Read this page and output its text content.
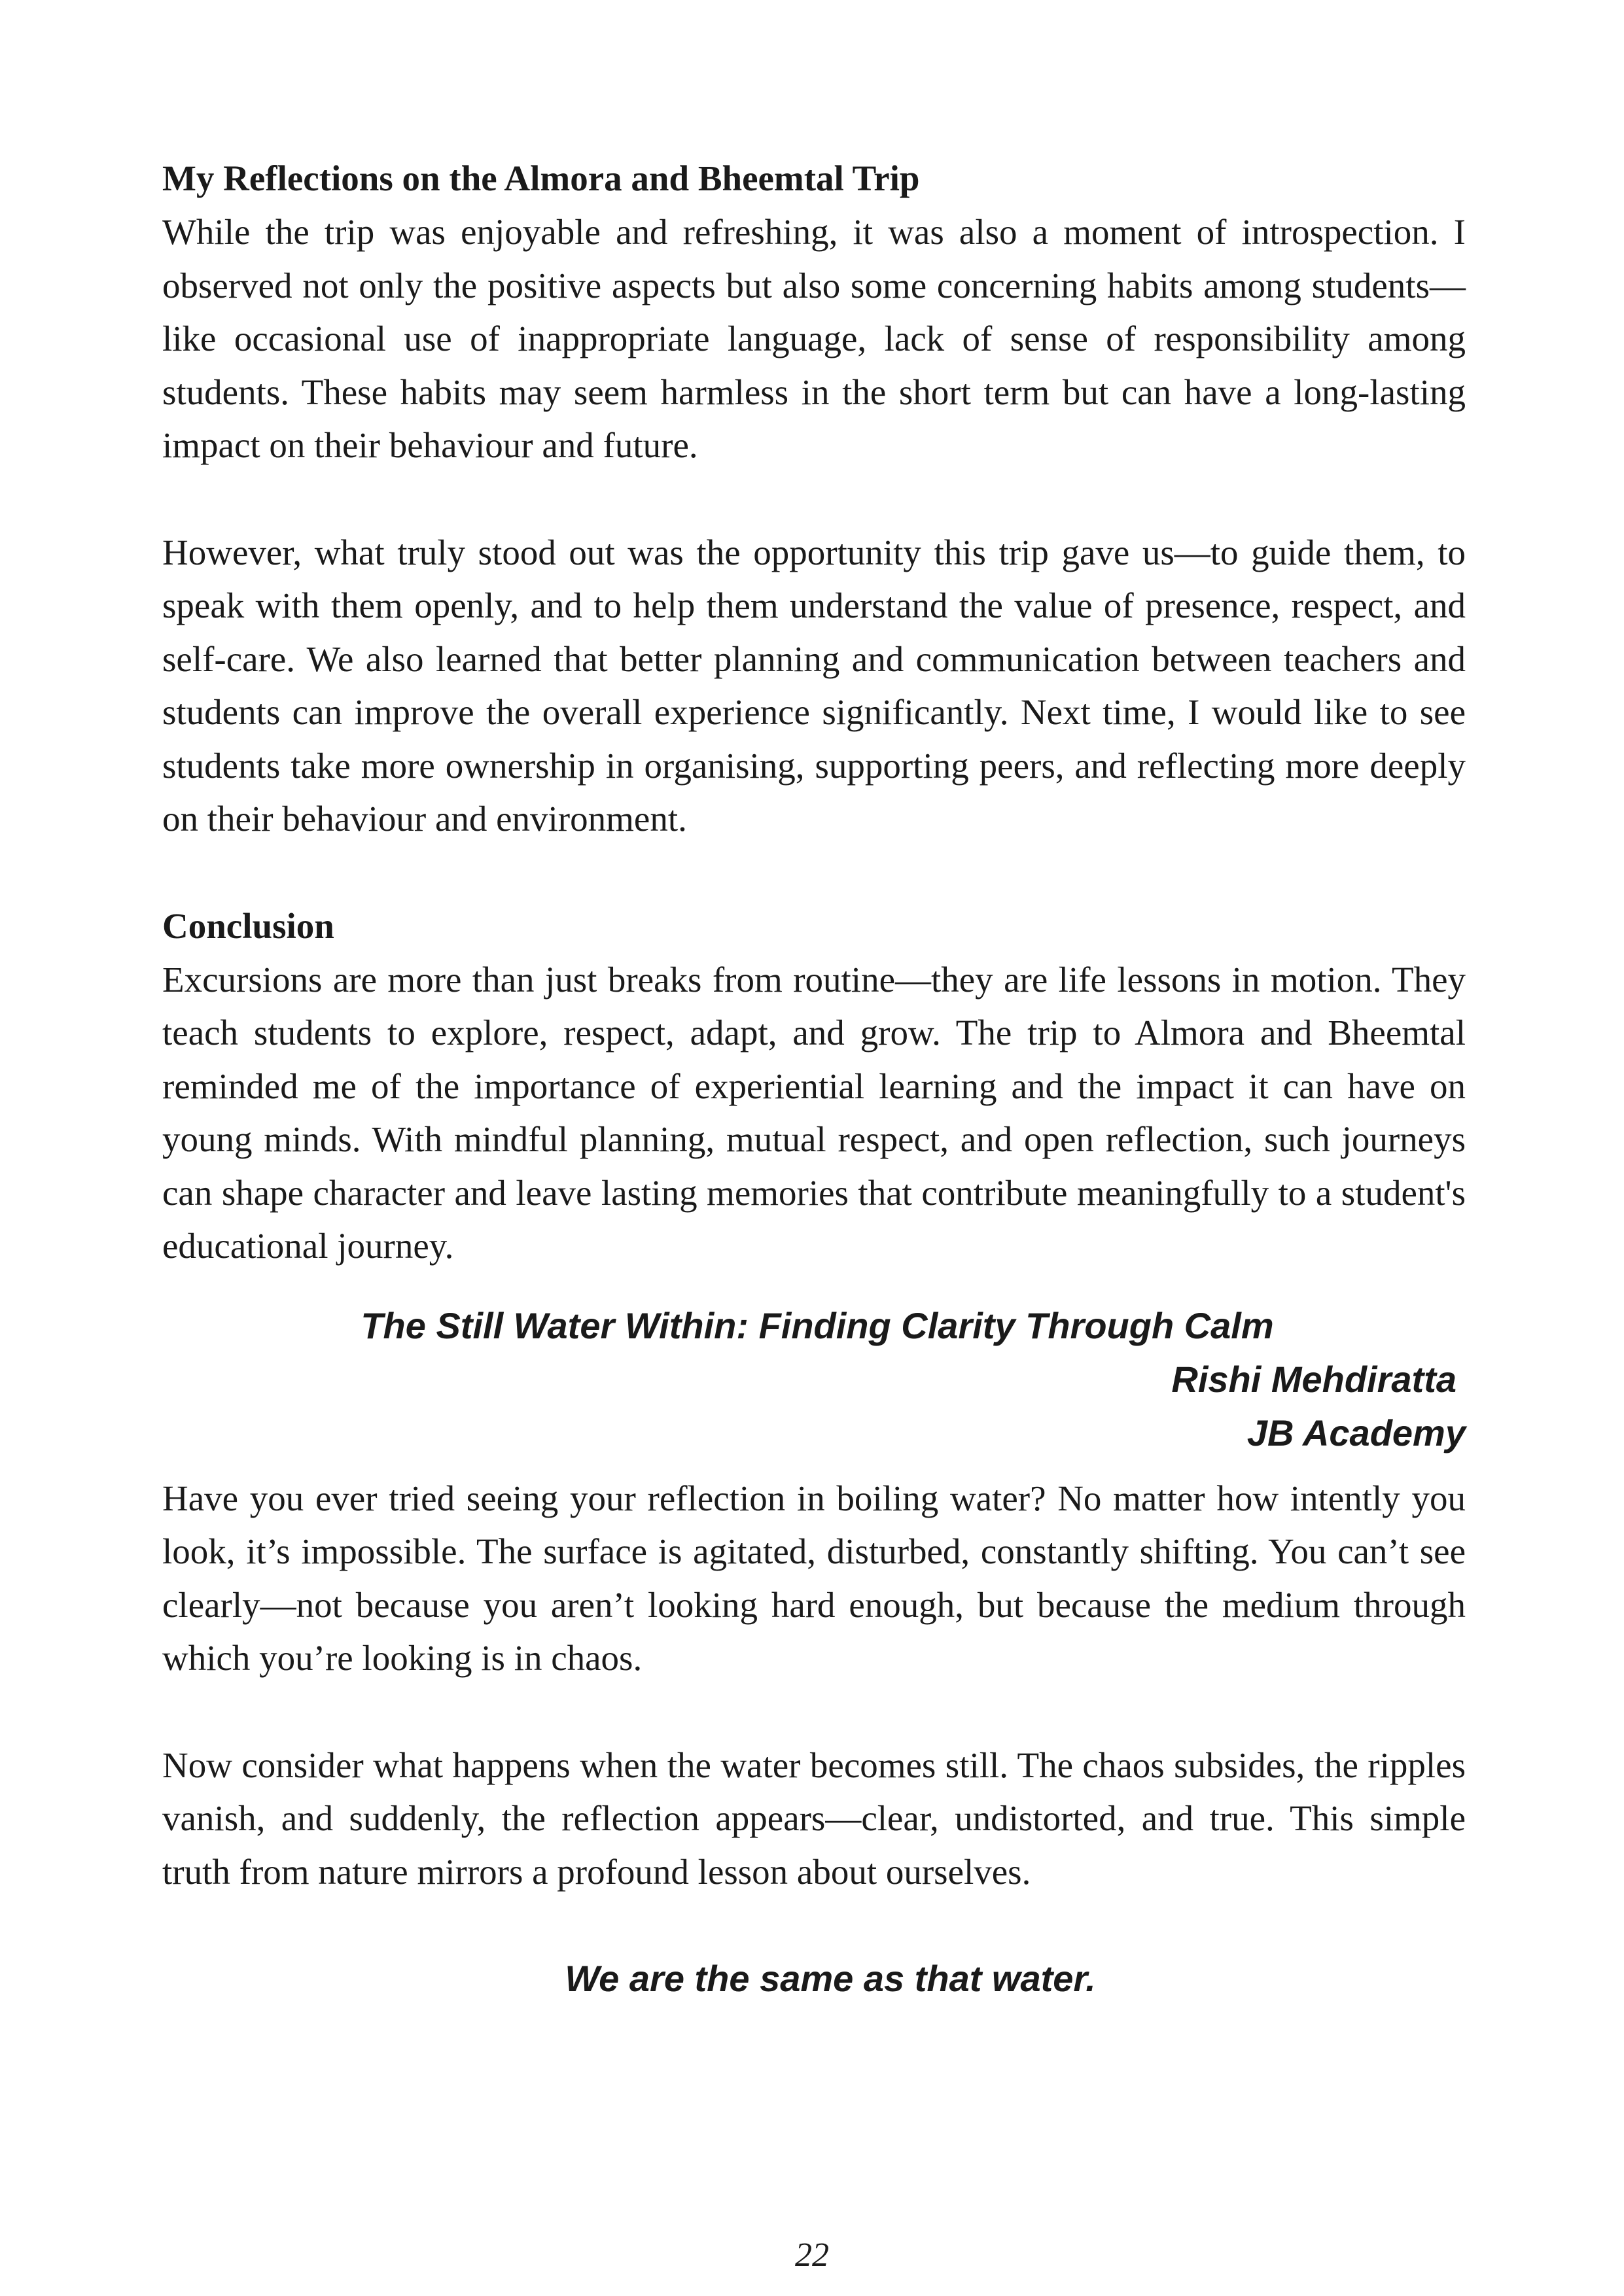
My Reflections on the Almora and Bheemtal Trip

While the trip was enjoyable and refreshing, it was also a moment of introspection. I observed not only the positive aspects but also some concerning habits among students—like occasional use of inappropriate language, lack of sense of responsibility among students. These habits may seem harmless in the short term but can have a long-lasting impact on their behaviour and future.

However, what truly stood out was the opportunity this trip gave us—to guide them, to speak with them openly, and to help them understand the value of presence, respect, and self-care. We also learned that better planning and communication between teachers and students can improve the overall experience significantly. Next time, I would like to see students take more ownership in organising, supporting peers, and reflecting more deeply on their behaviour and environment.

Conclusion

Excursions are more than just breaks from routine—they are life lessons in motion. They teach students to explore, respect, adapt, and grow. The trip to Almora and Bheemtal reminded me of the importance of experiential learning and the impact it can have on young minds. With mindful planning, mutual respect, and open reflection, such journeys can shape character and leave lasting memories that contribute meaningfully to a student's educational journey.

The Still Water Within: Finding Clarity Through Calm
Rishi Mehdiratta
JB Academy

Have you ever tried seeing your reflection in boiling water? No matter how intently you look, it’s impossible. The surface is agitated, disturbed, constantly shifting. You can’t see clearly—not because you aren’t looking hard enough, but because the medium through which you’re looking is in chaos.

Now consider what happens when the water becomes still. The chaos subsides, the ripples vanish, and suddenly, the reflection appears—clear, undistorted, and true. This simple truth from nature mirrors a profound lesson about ourselves.

We are the same as that water.
22
